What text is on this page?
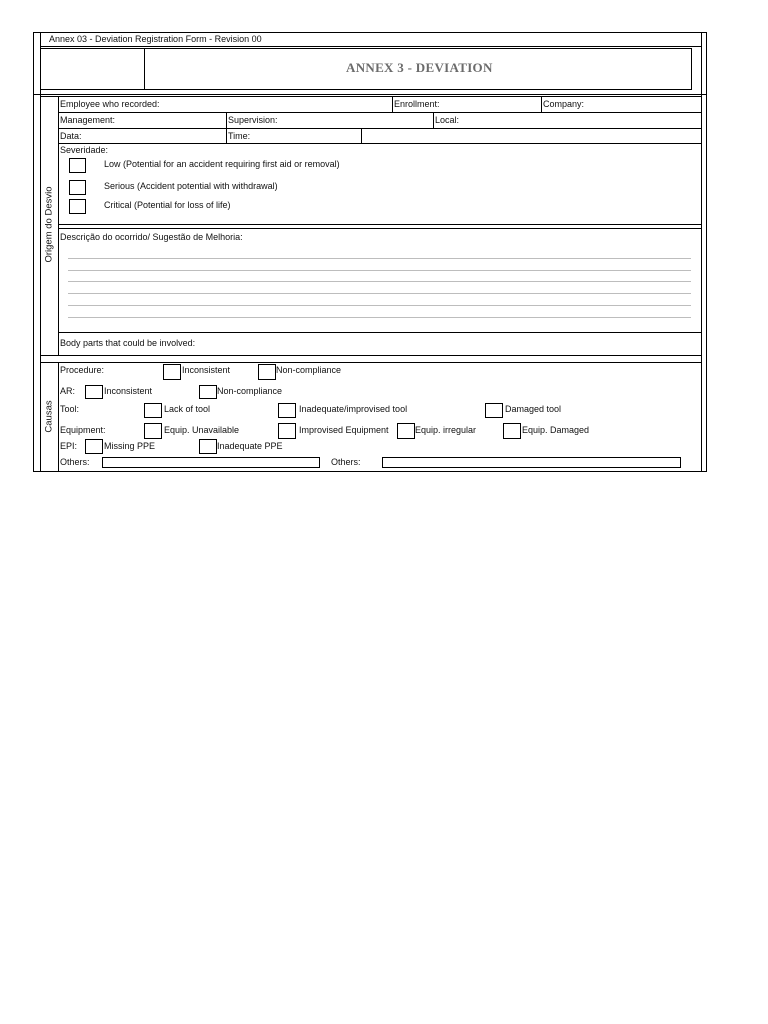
Annex 03 - Deviation Registration Form - Revision 00
ANNEX 3 - DEVIATION
Origem do Desvio
Employee who recorded:	Enrollment:	Company:
Management:	Supervision:	Local:
Data:	Time:
Severidade:
Low (Potential for an accident requiring first aid or removal)
Serious (Accident potential with withdrawal)
Critical (Potential for loss of life)
Descrição do ocorrido/ Sugestão de Melhoria:
Body parts that could be involved:
Causas
Procedure:	Inconsistent	Non-compliance
AR:	Inconsistent	Non-compliance
Tool:	Lack of tool	Inadequate/improvised tool	Damaged tool
Equipment:	Equip. Unavailable	Improvised Equipment	Equip. irregular	Equip. Damaged
EPI:	Missing PPE	Inadequate PPE
Others:	Others:
